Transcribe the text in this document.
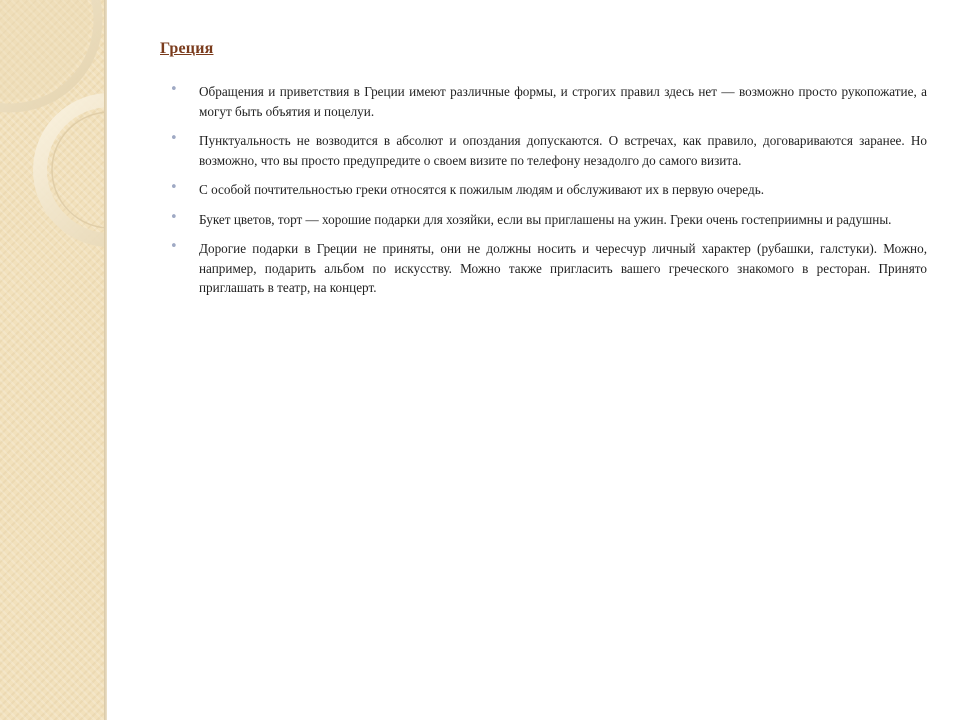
Греция
• Обращения и приветствия в Греции имеют различные формы, и строгих правил здесь нет — возможно просто рукопожатие, а могут быть объятия и поцелуи.
• Пунктуальность не возводится в абсолют и опоздания допускаются. О встречах, как правило, договариваются заранее. Но возможно, что вы просто предупредите о своем визите по телефону незадолго до самого визита.
• С особой почтительностью греки относятся к пожилым людям и обслуживают их в первую очередь.
• Букет цветов, торт — хорошие подарки для хозяйки, если вы приглашены на ужин. Греки очень гостеприимны и радушны.
• Дорогие подарки в Греции не приняты, они не должны носить и чересчур личный характер (рубашки, галстуки). Можно, например, подарить альбом по искусству. Можно также пригласить вашего греческого знакомого в ресторан. Принято приглашать в театр, на концерт.
